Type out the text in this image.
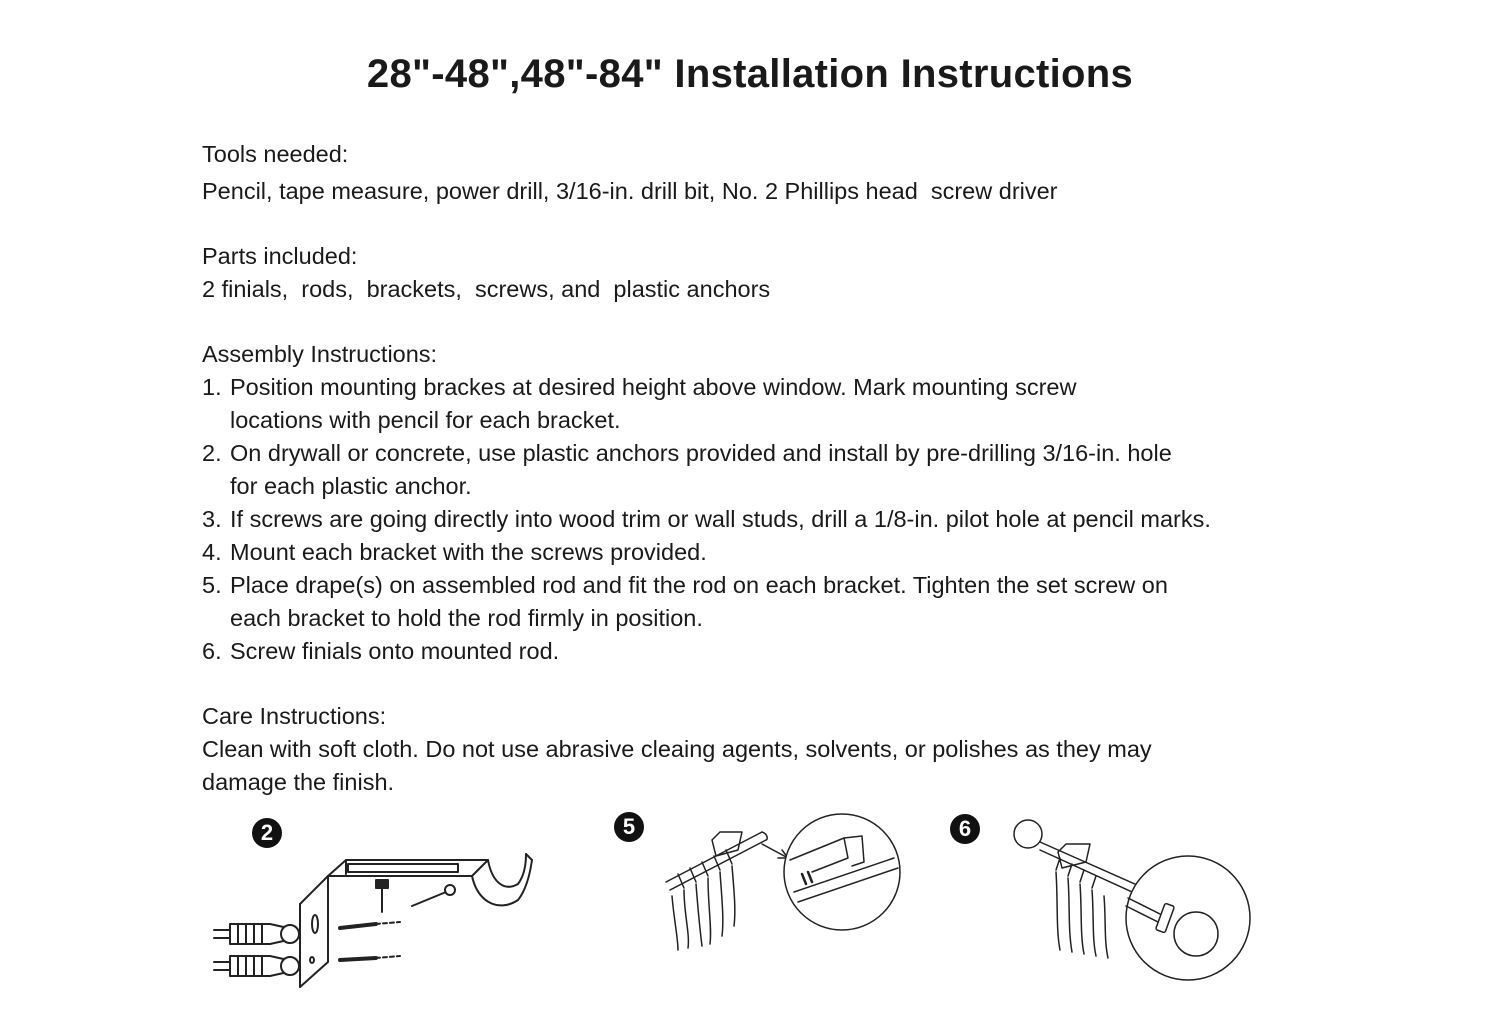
28"-48",48"-84" Installation Instructions
Tools needed:
Pencil, tape measure, power drill, 3/16-in. drill bit, No. 2 Phillips head  screw driver
Parts included:
2 finials,  rods,  brackets,  screws, and  plastic anchors
Assembly Instructions:
1. Position mounting brackes at desired height above window. Mark mounting screw
locations with pencil for each bracket.
2. On drywall or concrete, use plastic anchors provided and install by pre-drilling 3/16-in. hole
for each plastic anchor.
3. If screws are going directly into wood trim or wall studs, drill a 1/8-in. pilot hole at pencil marks.
4. Mount each bracket with the screws provided.
5. Place drape(s) on assembled rod and fit the rod on each bracket. Tighten the set screw on
each bracket to hold the rod firmly in position.
6. Screw finials onto mounted rod.
Care Instructions:
Clean with soft cloth. Do not use abrasive cleaing agents, solvents, or polishes as they may
damage the finish.
2	5	6
